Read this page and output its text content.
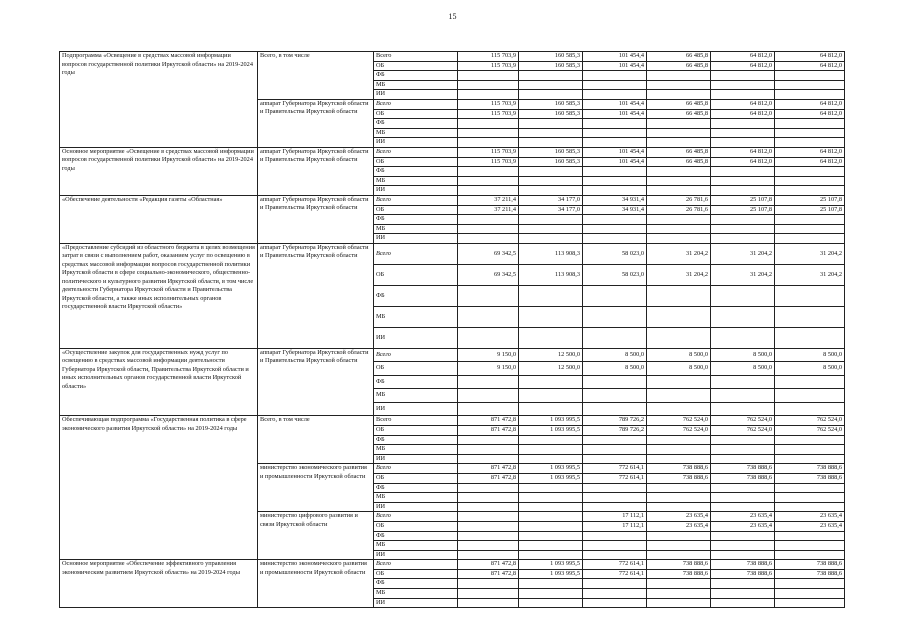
15
Подпрограмма «Освещение в средствах массовой информации вопросов государственной политики Иркутской области» на 2019-2024 годы	Всего, в том числе	Всего	115 703,9	160 585,3	101 454,4	66 485,8	64 812,0	64 812,0
		ОБ	115 703,9	160 585,3	101 454,4	66 485,8	64 812,0	64 812,0
		ФБ						
		МБ						
		ИИ						
	аппарат Губернатора Иркутской области и Правительства Иркутской области	Всего	115 703,9	160 585,3	101 454,4	66 485,8	64 812,0	64 812,0
		ОБ	115 703,9	160 585,3	101 454,4	66 485,8	64 812,0	64 812,0
		ФБ						
		МБ						
		ИИ						
Основное мероприятие «Освещение в средствах массовой информации вопросов государственной политики Иркутской области» на 2019-2024 годы	аппарат Губернатора Иркутской области и Правительства Иркутской области	Всего	115 703,9	160 585,3	101 454,4	66 485,8	64 812,0	64 812,0
		ОБ	115 703,9	160 585,3	101 454,4	66 485,8	64 812,0	64 812,0
		ФБ						
		МБ						
		ИИ						
«Обеспечение деятельности «Редакция газеты «Областная»	аппарат Губернатора Иркутской области и Правительства Иркутской области	Всего	37 211,4	34 177,0	34 931,4	26 781,6	25 107,8	25 107,8
		ОБ	37 211,4	34 177,0	34 931,4	26 781,6	25 107,8	25 107,8
		ФБ						
		МБ						
		ИИ						
«Предоставление субсидий из областного бюджета в целях возмещения затрат в связи с выполнением работ, оказанием услуг по освещению в средствах массовой информации вопросов государственной политики Иркутской области в сфере социально-экономического, общественно-политического и культурного развития Иркутской области, в том числе деятельности Губернатора Иркутской области и Правительства Иркутской области, а также иных исполнительных органов государственной власти Иркутской области»	аппарат Губернатора Иркутской области и Правительства Иркутской области	Всего	69 342,5	113 908,3	58 023,0	31 204,2	31 204,2	31 204,2
		ОБ	69 342,5	113 908,3	58 023,0	31 204,2	31 204,2	31 204,2
		ФБ						
		МБ						
		ИИ						
«Осуществление закупок для государственных нужд услуг по освещению в средствах массовой информации деятельности Губернатора Иркутской области, Правительства Иркутской области и иных исполнительных органов государственной власти Иркутской области»	аппарат Губернатора Иркутской области и Правительства Иркутской области	Всего	9 150,0	12 500,0	8 500,0	8 500,0	8 500,0	8 500,0
		ОБ	9 150,0	12 500,0	8 500,0	8 500,0	8 500,0	8 500,0
		ФБ						
		МБ						
		ИИ						
Обеспечивающая подпрограмма «Государственная политика в сфере экономического развития Иркутской области» на 2019-2024 годы	Всего, в том числе	Всего	871 472,8	1 093 995,5	789 726,2	762 524,0	762 524,0	762 524,0
		ОБ	871 472,8	1 093 995,5	789 726,2	762 524,0	762 524,0	762 524,0
		ФБ						
		МБ						
		ИИ						
	министерство экономического развития и промышленности Иркутской области	Всего	871 472,8	1 093 995,5	772 614,1	738 888,6	738 888,6	738 888,6
		ОБ	871 472,8	1 093 995,5	772 614,1	738 888,6	738 888,6	738 888,6
		ФБ						
		МБ						
		ИИ						
	министерство цифрового развития и связи Иркутской области	Всего			17 112,1	23 635,4	23 635,4	23 635,4
		ОБ			17 112,1	23 635,4	23 635,4	23 635,4
		ФБ						
		МБ						
		ИИ						
Основное мероприятие «Обеспечение эффективного управления экономическим развитием Иркутской области» на 2019-2024 годы	министерство экономического развития и промышленности Иркутской области	Всего	871 472,8	1 093 995,5	772 614,1	738 888,6	738 888,6	738 888,6
		ОБ	871 472,8	1 093 995,5	772 614,1	738 888,6	738 888,6	738 888,6
		ФБ						
		МБ						
		ИИ						
